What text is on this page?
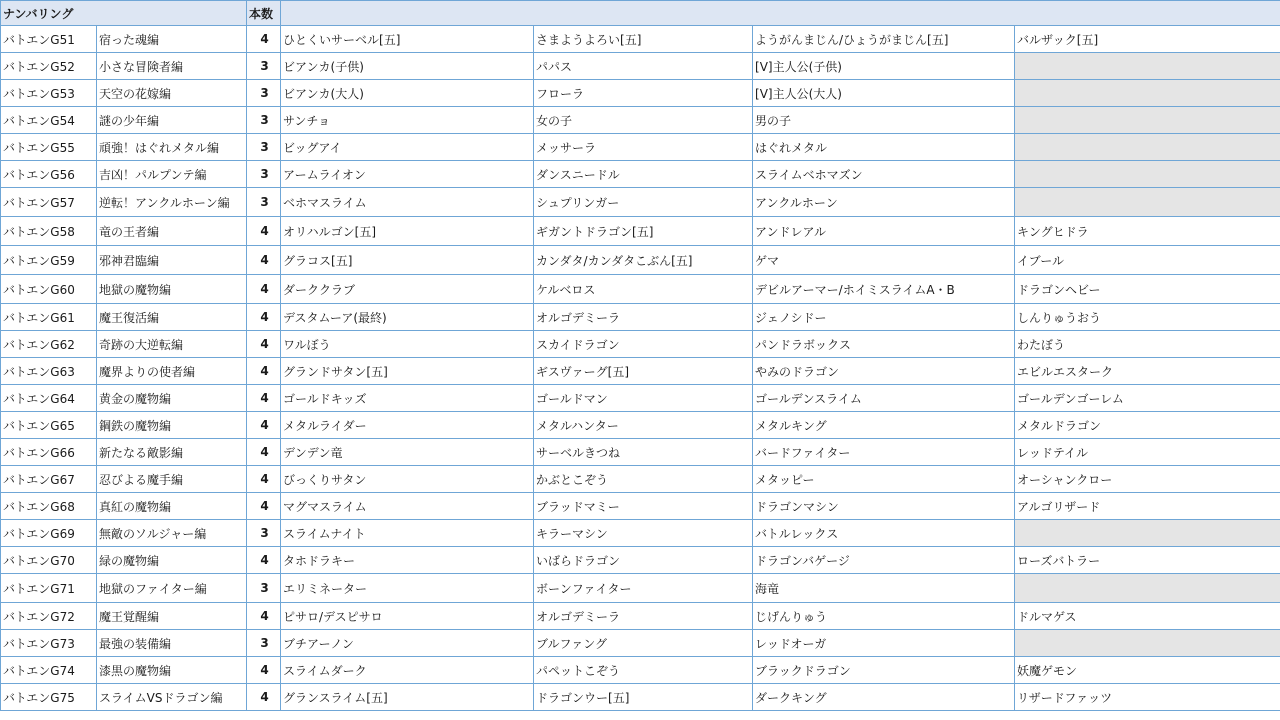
ナンバリング		本数				
バトエンG51	宿った魂編	4	ひとくいサーベル[五]	さまようよろい[五]	ようがんまじん/ひょうがまじん[五]	バルザック[五]
バトエンG52	小さな冒険者編	3	ビアンカ(子供)	パパス	[V]主人公(子供)	
バトエンG53	天空の花嫁編	3	ビアンカ(大人)	フローラ	[V]主人公(大人)	
バトエンG54	謎の少年編	3	サンチョ	女の子	男の子	
バトエンG55	頑強！はぐれメタル編	3	ビッグアイ	メッサーラ	はぐれメタル	
バトエンG56	吉凶！パルプンテ編	3	アームライオン	ダンスニードル	スライムベホマズン	
バトエンG57	逆転！アンクルホーン編	3	ベホマスライム	シュプリンガー	アンクルホーン	
バトエンG58	竜の王者編	4	オリハルゴン[五]	ギガントドラゴン[五]	アンドレアル	キングヒドラ
バトエンG59	邪神君臨編	4	グラコス[五]	カンダタ/カンダタこぶん[五]	ゲマ	イブール
バトエンG60	地獄の魔物編	4	ダーククラブ	ケルベロス	デビルアーマー/ホイミスライムA・B	ドラゴンヘビー
バトエンG61	魔王復活編	4	デスタムーア(最終)	オルゴデミーラ	ジェノシドー	しんりゅうおう
バトエンG62	奇跡の大逆転編	4	ワルぼう	スカイドラゴン	パンドラボックス	わたぼう
バトエンG63	魔界よりの使者編	4	グランドサタン[五]	ギスヴァーグ[五]	やみのドラゴン	エビルエスターク
バトエンG64	黄金の魔物編	4	ゴールドキッズ	ゴールドマン	ゴールデンスライム	ゴールデンゴーレム
バトエンG65	鋼鉄の魔物編	4	メタルライダー	メタルハンター	メタルキング	メタルドラゴン
バトエンG66	新たなる敵影編	4	デンデン竜	サーベルきつね	バードファイター	レッドテイル
バトエンG67	忍びよる魔手編	4	びっくりサタン	かぶとこぞう	メタッピー	オーシャンクロー
バトエンG68	真紅の魔物編	4	マグマスライム	ブラッドマミー	ドラゴンマシン	アルゴリザード
バトエンG69	無敵のソルジャー編	3	スライムナイト	キラーマシン	バトルレックス	
バトエンG70	緑の魔物編	4	タホドラキー	いばらドラゴン	ドラゴンバゲージ	ローズバトラー
バトエンG71	地獄のファイター編	3	エリミネーター	ボーンファイター	海竜	
バトエンG72	魔王覚醒編	4	ピサロ/デスピサロ	オルゴデミーラ	じげんりゅう	ドルマゲス
バトエンG73	最強の装備編	3	ブチアーノン	ブルファング	レッドオーガ	
バトエンG74	漆黒の魔物編	4	スライムダーク	パペットこぞう	ブラックドラゴン	妖魔ゲモン
バトエンG75	スライムVSドラゴン編	4	グランスライム[五]	ドラゴンウー[五]	ダークキング	リザードファッツ
